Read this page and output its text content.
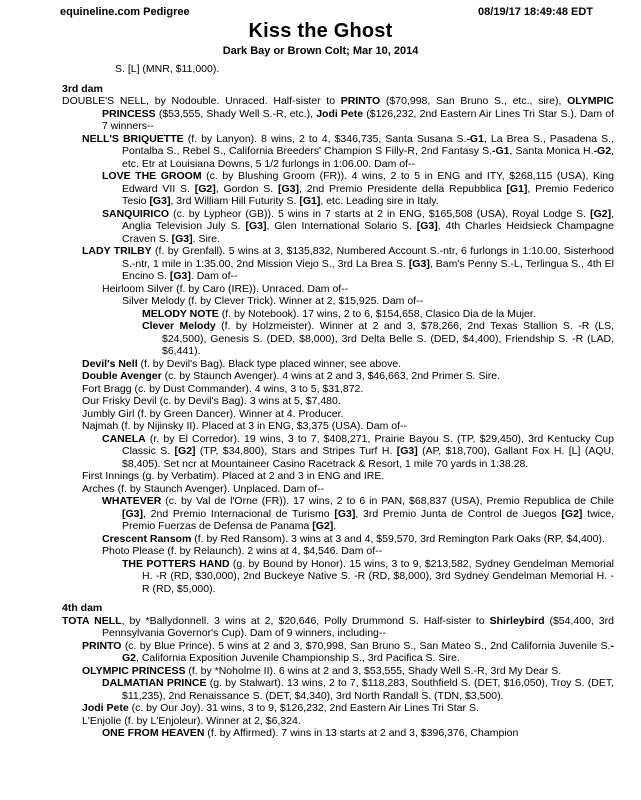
equineline.com Pedigree	08/19/17 18:49:48 EDT
Kiss the Ghost
Dark Bay or Brown Colt; Mar 10, 2014
S. [L] (MNR, $11,000).
3rd dam
DOUBLE'S NELL, by Nodouble. Unraced. Half-sister to PRINTO ($70,998, San Bruno S., etc., sire), OLYMPIC PRINCESS ($53,555, Shady Well S.-R, etc.), Jodi Pete ($126,232, 2nd Eastern Air Lines Tri Star S.). Dam of 7 winners--
NELL'S BRIQUETTE (f. by Lanyon). 8 wins, 2 to 4, $346,735, Santa Susana S.-G1, La Brea S., Pasadena S., Pontalba S., Rebel S., California Breeders' Champion S Filly-R, 2nd Fantasy S.-G1, Santa Monica H.-G2, etc. Etr at Louisiana Downs, 5 1/2 furlongs in 1:06.00. Dam of--
LOVE THE GROOM (c. by Blushing Groom (FR)). 4 wins, 2 to 5 in ENG and ITY, $268,115 (USA), King Edward VII S. [G2], Gordon S. [G3], 2nd Premio Presidente della Repubblica [G1], Premio Federico Tesio [G3], 3rd William Hill Futurity S. [G1], etc. Leading sire in Italy.
SANQUIRICO (c. by Lypheor (GB)). 5 wins in 7 starts at 2 in ENG, $165,508 (USA), Royal Lodge S. [G2], Anglia Television July S. [G3], Glen International Solario S. [G3], 4th Charles Heidsieck Champagne Craven S. [G3]. Sire.
LADY TRILBY (f. by Grenfall). 5 wins at 3, $135,832, Numbered Account S.-ntr, 6 furlongs in 1:10.00, Sisterhood S.-ntr, 1 mile in 1:35.00, 2nd Mission Viejo S., 3rd La Brea S. [G3], Bam's Penny S.-L, Terlingua S., 4th El Encino S. [G3]. Dam of--
Heirloom Silver (f. by Caro (IRE)). Unraced. Dam of--
Silver Melody (f. by Clever Trick). Winner at 2, $15,925. Dam of--
MELODY NOTE (f. by Notebook). 17 wins, 2 to 6, $154,658, Clasico Dia de la Mujer.
Clever Melody (f. by Holzmeister). Winner at 2 and 3, $78,266, 2nd Texas Stallion S. -R (LS, $24,500), Genesis S. (DED, $8,000), 3rd Delta Belle S. (DED, $4,400), Friendship S. -R (LAD, $6,441).
Devil's Nell (f. by Devil's Bag). Black type placed winner, see above.
Double Avenger (c. by Staunch Avenger). 4 wins at 2 and 3, $46,663, 2nd Primer S. Sire.
Fort Bragg (c. by Dust Commander). 4 wins, 3 to 5, $31,872.
Our Frisky Devil (c. by Devil's Bag). 3 wins at 5, $7,480.
Jumbly Girl (f. by Green Dancer). Winner at 4. Producer.
Najmah (f. by Nijinsky II). Placed at 3 in ENG, $3,375 (USA). Dam of--
CANELA (r. by El Corredor). 19 wins, 3 to 7, $408,271, Prairie Bayou S. (TP, $29,450), 3rd Kentucky Cup Classic S. [G2] (TP, $34,800), Stars and Stripes Turf H. [G3] (AP, $18,700), Gallant Fox H. [L] (AQU, $8,405). Set ncr at Mountaineer Casino Racetrack & Resort, 1 mile 70 yards in 1:38.28.
First Innings (g. by Verbatim). Placed at 2 and 3 in ENG and IRE.
Arches (f. by Staunch Avenger). Unplaced. Dam of--
WHATEVER (c. by Val de l'Orne (FR)). 17 wins, 2 to 6 in PAN, $68,837 (USA), Premio Republica de Chile [G3], 2nd Premio Internacional de Turismo [G3], 3rd Premio Junta de Control de Juegos [G2] twice, Premio Fuerzas de Defensa de Panama [G2].
Crescent Ransom (f. by Red Ransom). 3 wins at 3 and 4, $59,570, 3rd Remington Park Oaks (RP, $4,400).
Photo Please (f. by Relaunch). 2 wins at 4, $4,546. Dam of--
THE POTTERS HAND (g. by Bound by Honor). 15 wins, 3 to 9, $213,582, Sydney Gendelman Memorial H. -R (RD, $30,000), 2nd Buckeye Native S. -R (RD, $8,000), 3rd Sydney Gendelman Memorial H. -R (RD, $5,000).
4th dam
TOTA NELL, by *Ballydonnell. 3 wins at 2, $20,646, Polly Drummond S. Half-sister to Shirleybird ($54,400, 3rd Pennsylvania Governor's Cup). Dam of 9 winners, including--
PRINTO (c. by Blue Prince). 5 wins at 2 and 3, $70,998, San Bruno S., San Mateo S., 2nd California Juvenile S.-G2, California Exposition Juvenile Championship S., 3rd Pacifica S. Sire.
OLYMPIC PRINCESS (f. by *Noholme II). 6 wins at 2 and 3, $53,555, Shady Well S.-R, 3rd My Dear S.
DALMATIAN PRINCE (g. by Stalwart). 13 wins, 2 to 7, $118,283, Southfield S. (DET, $16,050), Troy S. (DET, $11,235), 2nd Renaissance S. (DET, $4,340), 3rd North Randall S. (TDN, $3,500).
Jodi Pete (c. by Our Joy). 31 wins, 3 to 9, $126,232, 2nd Eastern Air Lines Tri Star S.
L'Enjolie (f. by L'Enjoleur). Winner at 2, $6,324.
ONE FROM HEAVEN (f. by Affirmed). 7 wins in 13 starts at 2 and 3, $396,376, Champion
